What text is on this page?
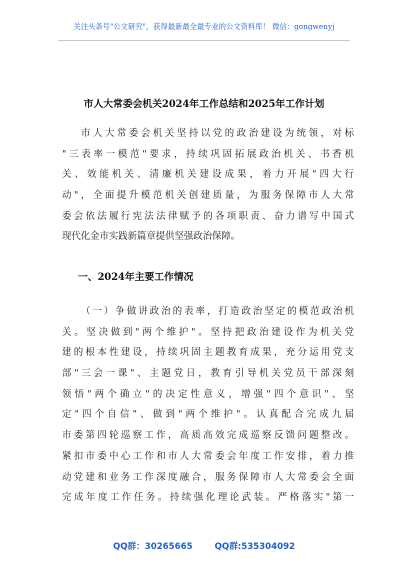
关注头条号"公文研究"，获得最新最全最专业的公文资料库！ 微信：gongwenyj
市人大常委会机关2024年工作总结和2025年工作计划
市人大常委会机关坚持以党的政治建设为统领，对标
"三表率一模范"要求，持续巩固拓展政治机关、书香机
关、效能机关、清廉机关建设成果，着力开展"四大行
动"，全面提升模范机关创建质量，为服务保障市人大常
委会依法履行宪法法律赋予的各项职责、奋力谱写中国式
现代化金市实践新篇章提供坚强政治保障。
一、2024年主要工作情况
（一）争做讲政治的表率，打造政治坚定的模范政治机
关。坚决做到"两个维护"。坚持把政治建设作为机关党
建的根本性建设，持续巩固主题教育成果，充分运用党支
部"三会一课"、主题党日，教育引导机关党员干部深刻
领悟"两个确立"的决定性意义，增强"四个意识"、坚
定"四个自信"、做到"两个维护"。认真配合完成九届
市委第四轮巡察工作，高质高效完成巡察反馈问题整改。
紧扣市委中心工作和市人大常委会年度工作安排，着力推
动党建和业务工作深度融合，服务保障市人大常委会全面
完成年度工作任务。持续强化理论武装。严格落实"第一
QQ群：30265665	QQ群:535304092
